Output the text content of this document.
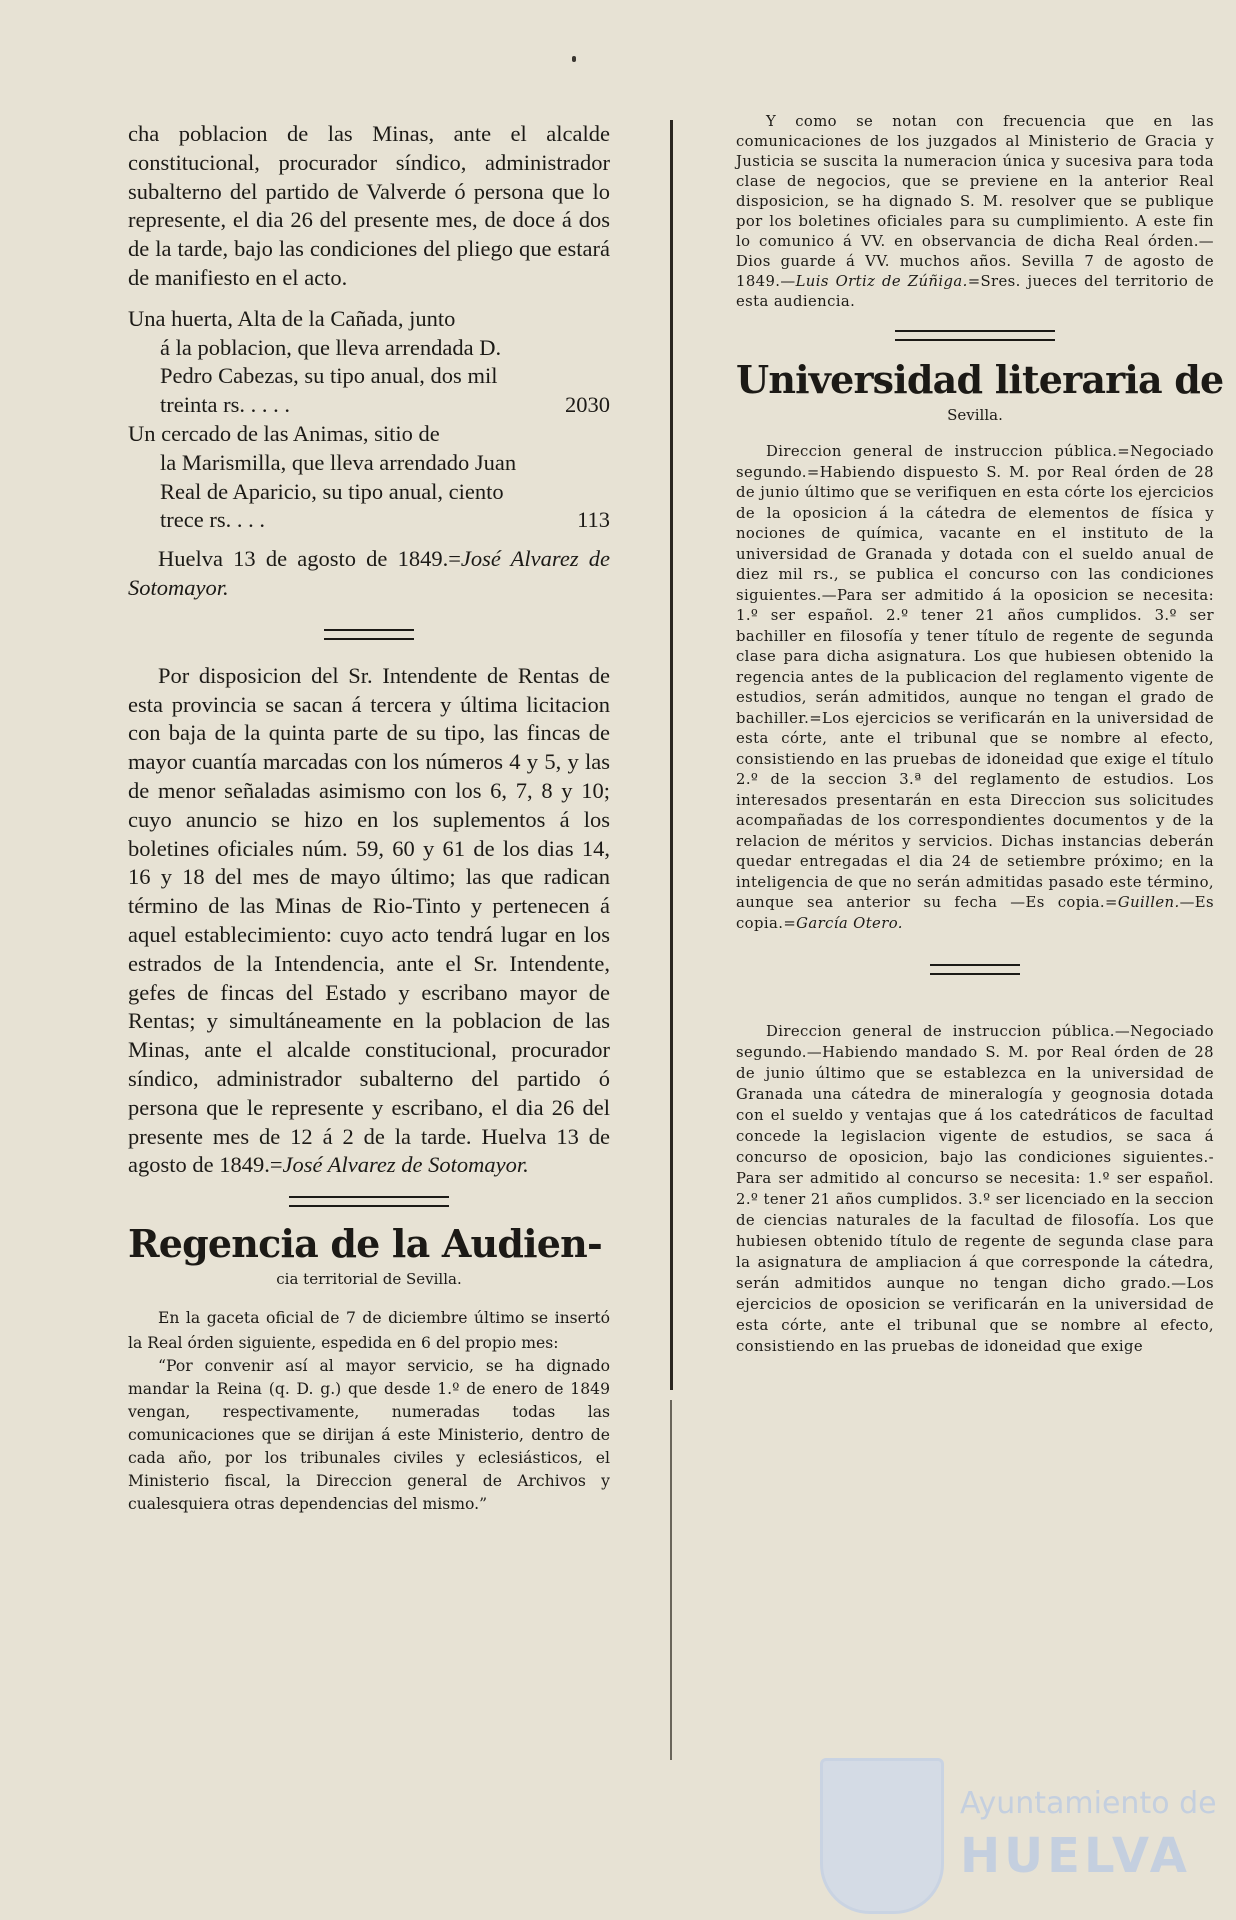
cha poblacion de las Minas, ante el alcalde constitucional, procurador síndico, administrador subalterno del partido de Valverde ó persona que lo represente, el dia 26 del presente mes, de doce á dos de la tarde, bajo las condiciones del pliego que estará de manifiesto en el acto.

Una huerta, Alta de la Cañada, junto
á la poblacion, que lleva arrendada D. Pedro Cabezas, su tipo anual, dos mil treinta rs. . . . .	2030
Un cercado de las Animas, sitio de
la Marismilla, que lleva arrendado Juan Real de Aparicio, su tipo anual, ciento trece rs. . . .	113

Huelva 13 de agosto de 1849.=José Alvarez de Sotomayor.

Por disposicion del Sr. Intendente de Rentas de esta provincia se sacan á tercera y última licitacion con baja de la quinta parte de su tipo, las fincas de mayor cuantía marcadas con los números 4 y 5, y las de menor señaladas asimismo con los 6, 7, 8 y 10; cuyo anuncio se hizo en los suplementos á los boletines oficiales núm. 59, 60 y 61 de los dias 14, 16 y 18 del mes de mayo último; las que radican término de las Minas de Rio-Tinto y pertenecen á aquel establecimiento: cuyo acto tendrá lugar en los estrados de la Intendencia, ante el Sr. Intendente, gefes de fincas del Estado y escribano mayor de Rentas; y simultáneamente en la poblacion de las Minas, ante el alcalde constitucional, procurador síndico, administrador subalterno del partido ó persona que le represente y escribano, el dia 26 del presente mes de 12 á 2 de la tarde. Huelva 13 de agosto de 1849.=José Alvarez de Sotomayor.

Regencia de la Audien-

cia territorial de Sevilla.

En la gaceta oficial de 7 de diciembre último se insertó la Real órden siguiente, espedida en 6 del propio mes:

“Por convenir así al mayor servicio, se ha dignado mandar la Reina (q. D. g.) que desde 1.º de enero de 1849 vengan, respectivamente, numeradas todas las comunicaciones que se dirijan á este Ministerio, dentro de cada año, por los tribunales civiles y eclesiásticos, el Ministerio fiscal, la Direccion general de Archivos y cualesquiera otras dependencias del mismo.”

Y como se notan con frecuencia que en las comunicaciones de los juzgados al Ministerio de Gracia y Justicia se suscita la numeracion única y sucesiva para toda clase de negocios, que se previene en la anterior Real disposicion, se ha dignado S. M. resolver que se publique por los boletines oficiales para su cumplimiento. A este fin lo comunico á VV. en observancia de dicha Real órden.—Dios guarde á VV. muchos años. Sevilla 7 de agosto de 1849.—Luis Ortiz de Zúñiga.=Sres. jueces del territorio de esta audiencia.

Universidad literaria de

Sevilla.

Direccion general de instruccion pública.=Negociado segundo.=Habiendo dispuesto S. M. por Real órden de 28 de junio último que se verifiquen en esta córte los ejercicios de la oposicion á la cátedra de elementos de física y nociones de química, vacante en el instituto de la universidad de Granada y dotada con el sueldo anual de diez mil rs., se publica el concurso con las condiciones siguientes.—Para ser admitido á la oposicion se necesita: 1.º ser español. 2.º tener 21 años cumplidos. 3.º ser bachiller en filosofía y tener título de regente de segunda clase para dicha asignatura. Los que hubiesen obtenido la regencia antes de la publicacion del reglamento vigente de estudios, serán admitidos, aunque no tengan el grado de bachiller.=Los ejercicios se verificarán en la universidad de esta córte, ante el tribunal que se nombre al efecto, consistiendo en las pruebas de idoneidad que exige el título 2.º de la seccion 3.ª del reglamento de estudios. Los interesados presentarán en esta Direccion sus solicitudes acompañadas de los correspondientes documentos y de la relacion de méritos y servicios. Dichas instancias deberán quedar entregadas el dia 24 de setiembre próximo; en la inteligencia de que no serán admitidas pasado este término, aunque sea anterior su fecha —Es copia.=Guillen.—Es copia.=García Otero.

Direccion general de instruccion pública.—Negociado segundo.—Habiendo mandado S. M. por Real órden de 28 de junio último que se establezca en la universidad de Granada una cátedra de mineralogía y geognosia dotada con el sueldo y ventajas que á los catedráticos de facultad concede la legislacion vigente de estudios, se saca á concurso de oposicion, bajo las condiciones siguientes.- Para ser admitido al concurso se necesita: 1.º ser español. 2.º tener 21 años cumplidos. 3.º ser licenciado en la seccion de ciencias naturales de la facultad de filosofía. Los que hubiesen obtenido título de regente de segunda clase para la asignatura de ampliacion á que corresponde la cátedra, serán admitidos aunque no tengan dicho grado.—Los ejercicios de oposicion se verificarán en la universidad de esta córte, ante el tribunal que se nombre al efecto, consistiendo en las pruebas de idoneidad que exige

Ayuntamiento de
HUELVA
